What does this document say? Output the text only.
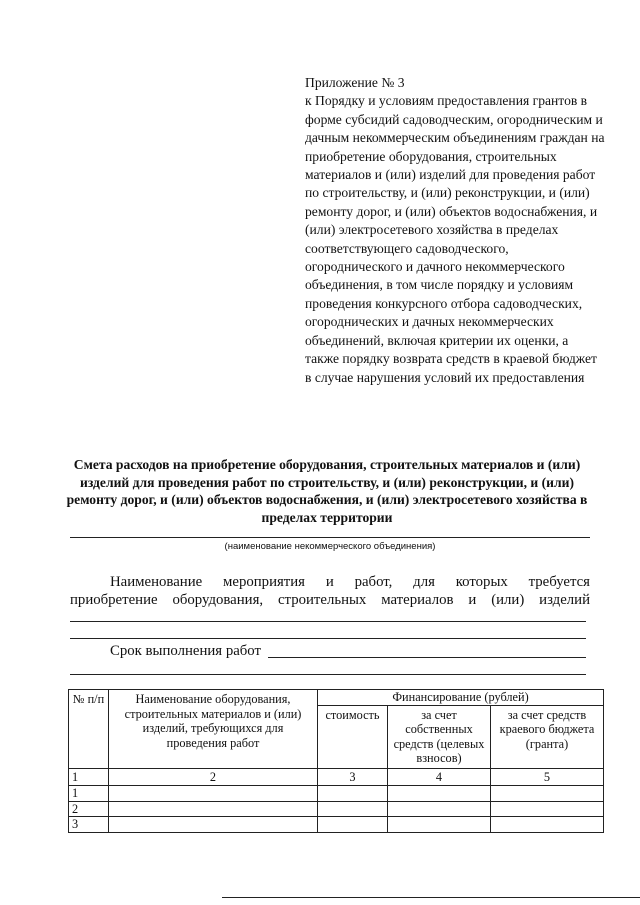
Приложение № 3
к Порядку и условиям предоставления грантов в форме субсидий садоводческим, огородническим и дачным некоммерческим объединениям граждан на приобретение оборудования, строительных материалов и (или) изделий для проведения работ по строительству, и (или) реконструкции, и (или) ремонту дорог, и (или) объектов водоснабжения, и (или) электросетевого хозяйства в пределах соответствующего садоводческого, огороднического и дачного некоммерческого объединения, в том числе порядку и условиям проведения конкурсного отбора садоводческих, огороднических и дачных некоммерческих объединений, включая критерии их оценки, а также порядку возврата средств в краевой бюджет в случае нарушения условий их предоставления
Смета расходов на приобретение оборудования, строительных материалов и (или) изделий для проведения работ по строительству, и (или) реконструкции, и (или) ремонту дорог, и (или) объектов водоснабжения, и (или) электросетевого хозяйства в пределах территории
(наименование некоммерческого объединения)
Наименование мероприятия и работ, для которых требуется
приобретение оборудования, строительных материалов и (или) изделий
Срок выполнения работ
№ п/п	Наименование оборудования, строительных материалов и (или) изделий, требующихся для проведения работ	Финансирование (рублей)		
		стоимость	за счет собственных средств (целевых взносов)	за счет средств краевого бюджета (гранта)
1	2	3	4	5
1				
2				
3				
